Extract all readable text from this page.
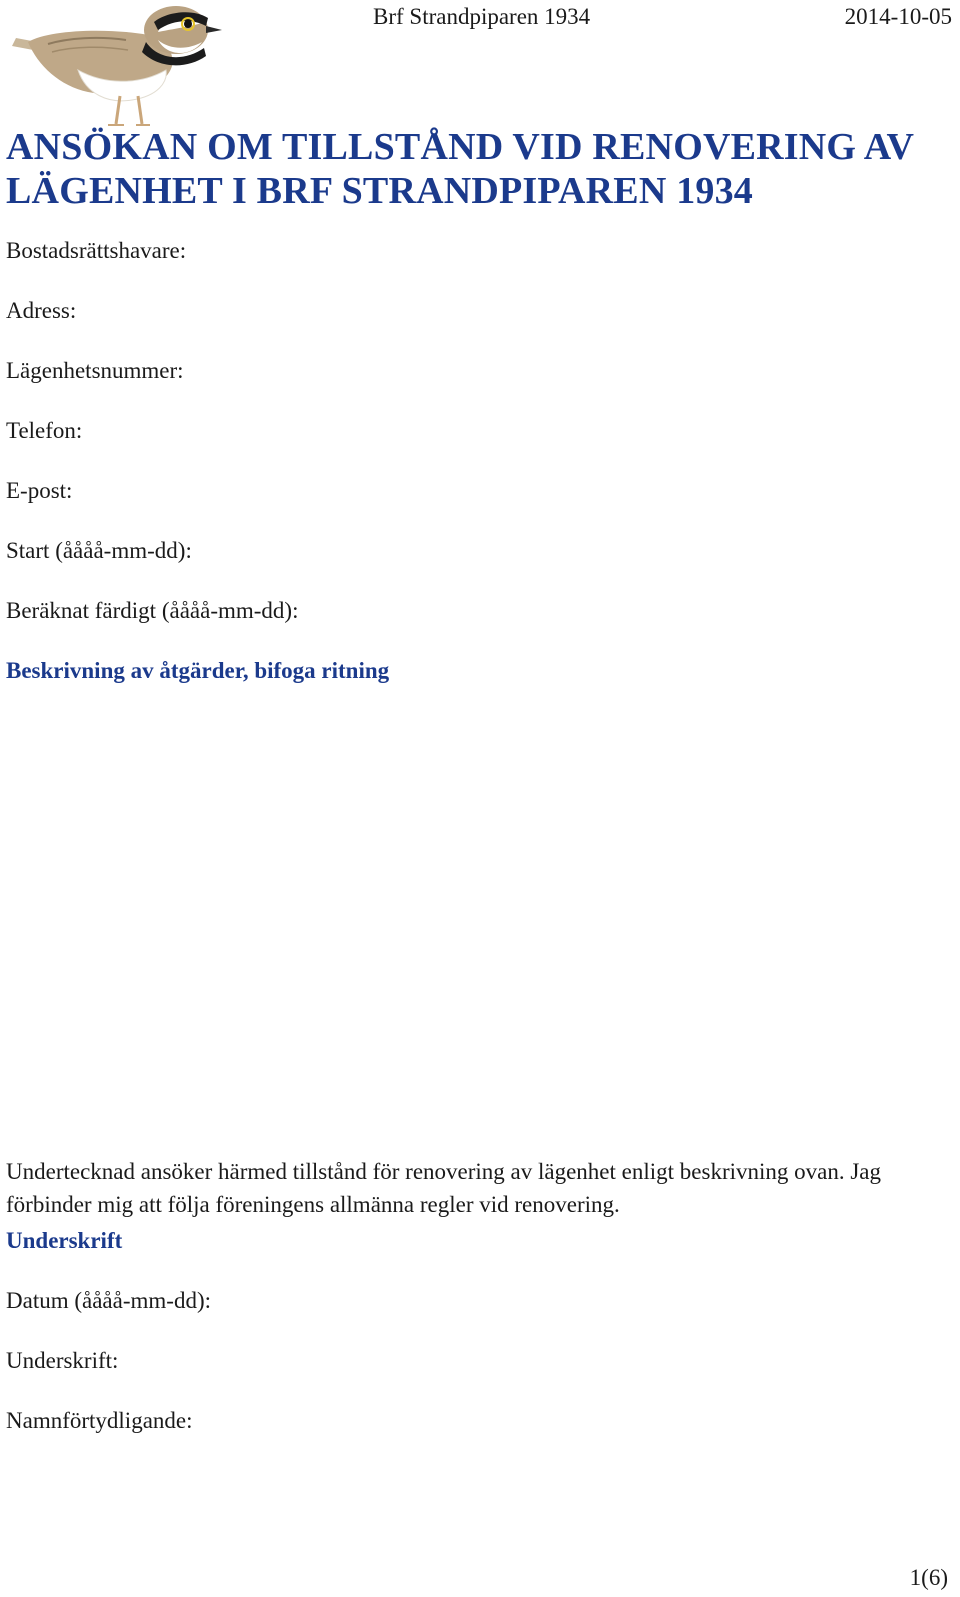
Brf Strandpiparen 1934	2014-10-05
ANSÖKAN OM TILLSTÅND VID RENOVERING AV LÄGENHET I BRF STRANDPIPAREN 1934

Bostadsrättshavare:

Adress:

Lägenhetsnummer:

Telefon:

E-post:

Start (åååå-mm-dd):

Beräknat färdigt (åååå-mm-dd):

Beskrivning av åtgärder, bifoga ritning

Undertecknad ansöker härmed tillstånd för renovering av lägenhet enligt beskrivning ovan. Jag förbinder mig att följa föreningens allmänna regler vid renovering.

Underskrift

Datum (åååå-mm-dd):

Underskrift:

Namnförtydligande:

1(6)
